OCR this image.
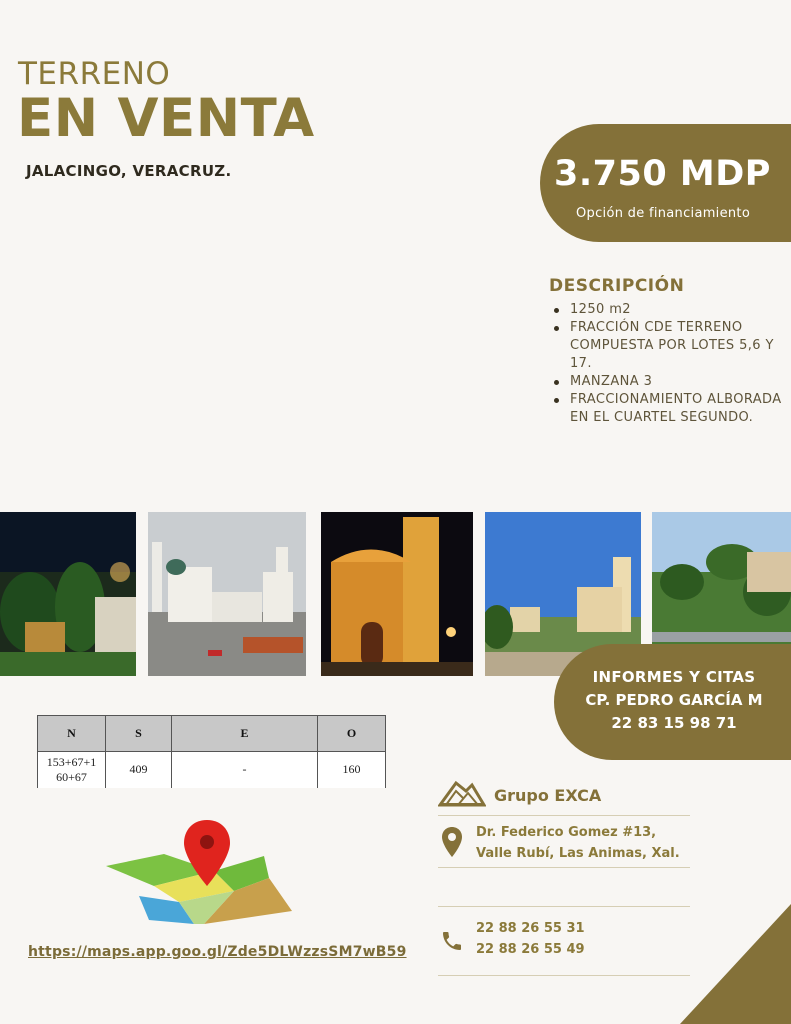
TERRENO
EN VENTA
JALACINGO, VERACRUZ.	3.750 MDP
Opción de financiamiento
DESCRIPCIÓN
1250 m2
FRACCIÓN CDE TERRENO COMPUESTA POR LOTES 5,6 Y 17.
MANZANA 3
FRACCIONAMIENTO ALBORADA EN EL CUARTEL SEGUNDO.
INFORMES Y CITAS
CP. PEDRO GARCÍA M
22 83 15 98 71
N	S	E	O
153+67+1 60+67	409	-	160
https://maps.app.goo.gl/Zde5DLWzzsSM7wB59
Grupo EXCA
Dr. Federico Gomez #13,
Valle Rubí, Las Animas, Xal.
22 88 26 55 31
22 88 26 55 49
